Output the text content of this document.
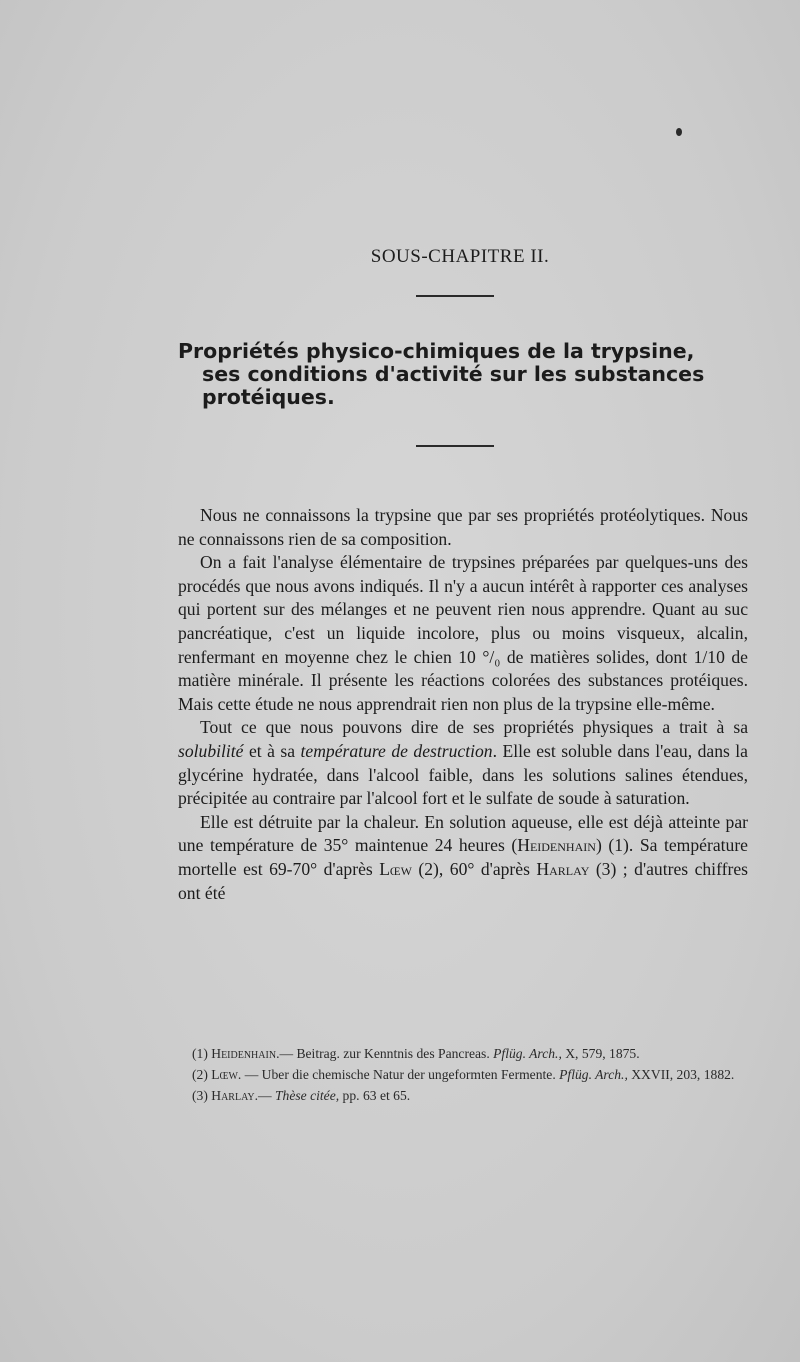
SOUS-CHAPITRE II.
Propriétés physico-chimiques de la trypsine,
ses conditions d'activité sur les substances
protéiques.

Nous ne connaissons la trypsine que par ses propriétés protéolytiques. Nous ne connaissons rien de sa composition.

On a fait l'analyse élémentaire de trypsines préparées par quelques-uns des procédés que nous avons indiqués. Il n'y a aucun intérêt à rapporter ces analyses qui portent sur des mélanges et ne peuvent rien nous apprendre. Quant au suc pancréatique, c'est un liquide incolore, plus ou moins visqueux, alcalin, renfermant en moyenne chez le chien 10 °/₀ de matières solides, dont 1/10 de matière minérale. Il présente les réactions colorées des substances protéiques. Mais cette étude ne nous apprendrait rien non plus de la trypsine elle-même.

Tout ce que nous pouvons dire de ses propriétés physiques a trait à sa solubilité et à sa température de destruction. Elle est soluble dans l'eau, dans la glycérine hydratée, dans l'alcool faible, dans les solutions salines étendues, précipitée au contraire par l'alcool fort et le sulfate de soude à saturation.

Elle est détruite par la chaleur. En solution aqueuse, elle est déjà atteinte par une température de 35° maintenue 24 heures (Heidenhain) (1). Sa température mortelle est 69-70° d'après Lœw (2), 60° d'après Harlay (3) ; d'autres chiffres ont été

(1) Heidenhain.— Beitrag. zur Kenntnis des Pancreas. Pflüg. Arch., X, 579, 1875.

(2) Lœw. — Uber die chemische Natur der ungeformten Fermente. Pflüg. Arch., XXVII, 203, 1882.

(3) Harlay.— Thèse citée, pp. 63 et 65.
